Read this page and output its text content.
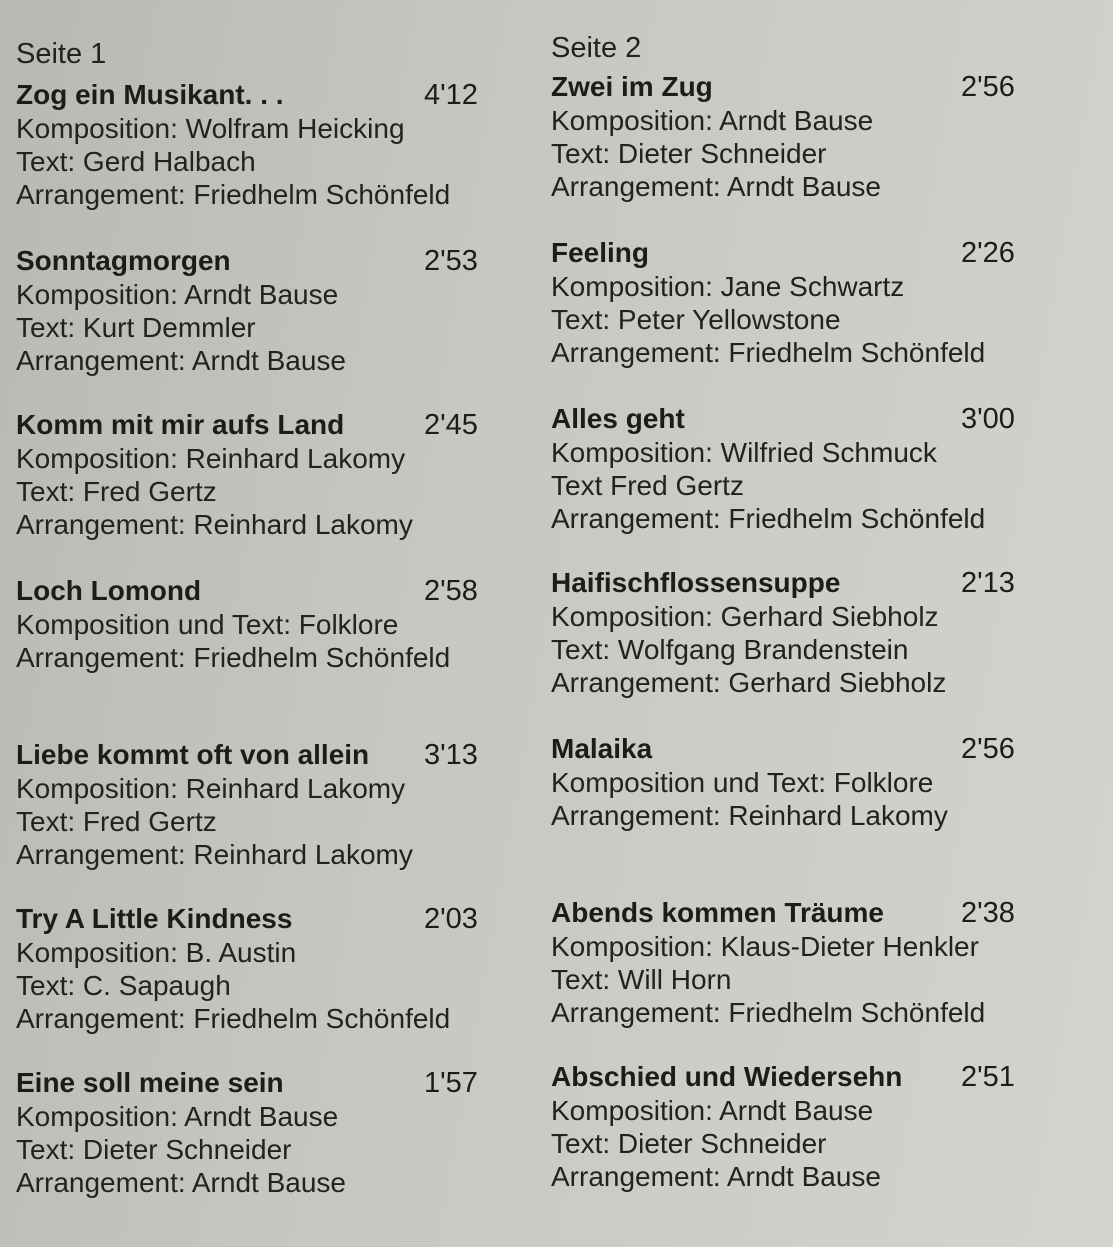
Seite 1
Zog ein Musikant. . .	4'12
Komposition: Wolfram Heicking
Text: Gerd Halbach
Arrangement: Friedhelm Schönfeld
Sonntagmorgen	2'53
Komposition: Arndt Bause
Text: Kurt Demmler
Arrangement: Arndt Bause
Komm mit mir aufs Land	2'45
Komposition: Reinhard Lakomy
Text: Fred Gertz
Arrangement: Reinhard Lakomy
Loch Lomond	2'58
Komposition und Text: Folklore
Arrangement: Friedhelm Schönfeld
Liebe kommt oft von allein 3'13
Komposition: Reinhard Lakomy
Text: Fred Gertz
Arrangement: Reinhard Lakomy
Try A Little Kindness	2'03
Komposition: B. Austin
Text: C. Sapaugh
Arrangement: Friedhelm Schönfeld
Eine soll meine sein	1'57
Komposition: Arndt Bause
Text: Dieter Schneider
Arrangement: Arndt Bause
Seite 2
Zwei im Zug	2'56
Komposition: Arndt Bause
Text: Dieter Schneider
Arrangement: Arndt Bause
Feeling	2'26
Komposition: Jane Schwartz
Text: Peter Yellowstone
Arrangement: Friedhelm Schönfeld
Alles geht	3'00
Komposition: Wilfried Schmuck
Text Fred Gertz
Arrangement: Friedhelm Schönfeld
Haifischflossensuppe	2'13
Komposition: Gerhard Siebholz
Text: Wolfgang Brandenstein
Arrangement: Gerhard Siebholz
Malaika	2'56
Komposition und Text: Folklore
Arrangement: Reinhard Lakomy
Abends kommen Träume	2'38
Komposition: Klaus-Dieter Henkler
Text: Will Horn
Arrangement: Friedhelm Schönfeld
Abschied und Wiedersehn 2'51
Komposition: Arndt Bause
Text: Dieter Schneider
Arrangement: Arndt Bause
